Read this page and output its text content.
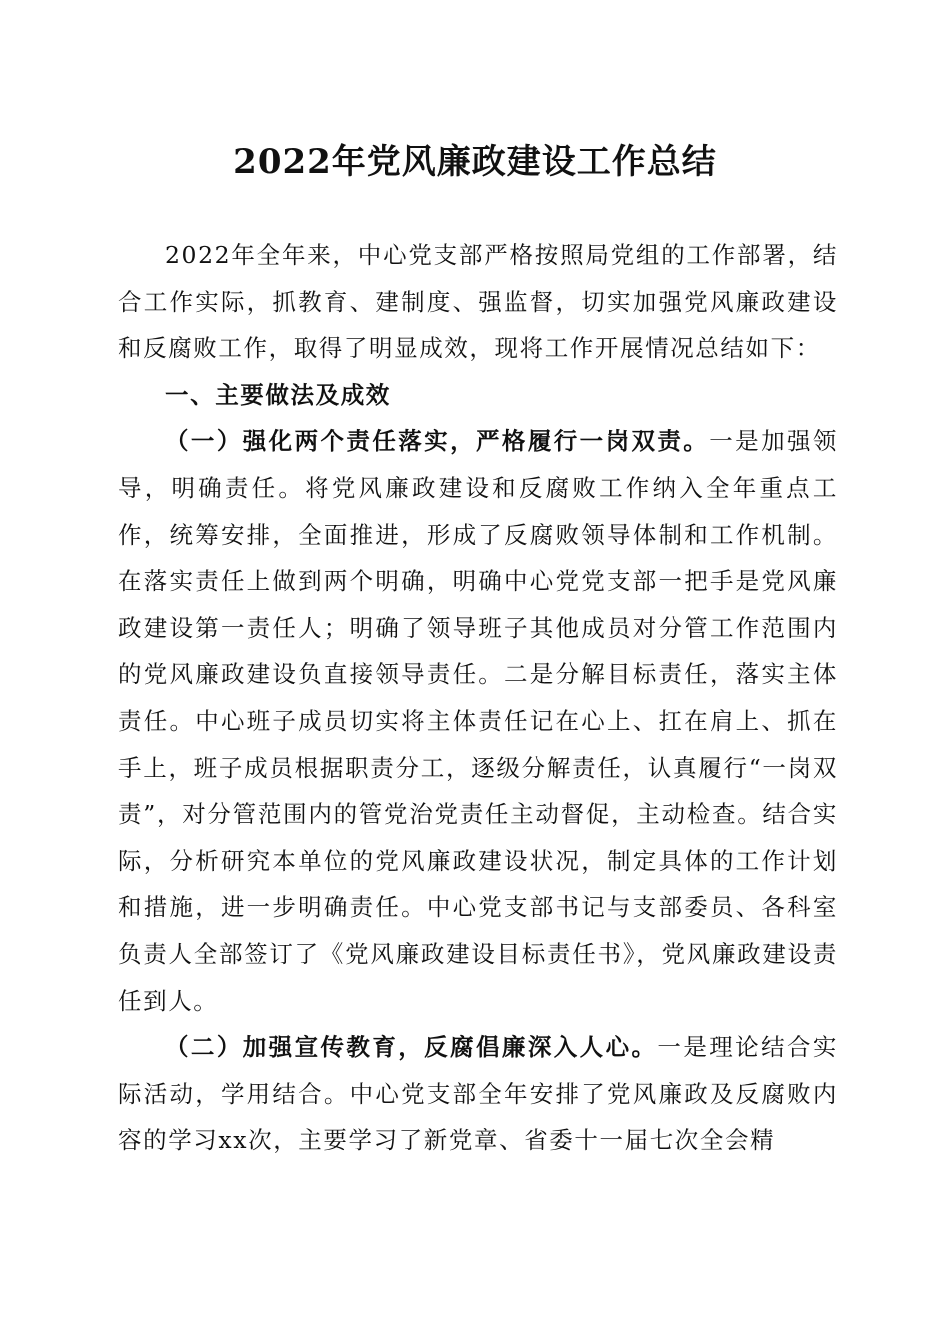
2022年党风廉政建设工作总结

2022年全年来，中心党支部严格按照局党组的工作部署，结合工作实际，抓教育、建制度、强监督，切实加强党风廉政建设和反腐败工作，取得了明显成效，现将工作开展情况总结如下：

一、主要做法及成效

（一）强化两个责任落实，严格履行一岗双责。一是加强领导，明确责任。将党风廉政建设和反腐败工作纳入全年重点工作，统筹安排，全面推进，形成了反腐败领导体制和工作机制。在落实责任上做到两个明确，明确中心党党支部一把手是党风廉政建设第一责任人；明确了领导班子其他成员对分管工作范围内的党风廉政建设负直接领导责任。二是分解目标责任，落实主体责任。中心班子成员切实将主体责任记在心上、扛在肩上、抓在手上，班子成员根据职责分工，逐级分解责任，认真履行“一岗双责”，对分管范围内的管党治党责任主动督促，主动检查。结合实际，分析研究本单位的党风廉政建设状况，制定具体的工作计划和措施，进一步明确责任。中心党支部书记与支部委员、各科室负责人全部签订了《党风廉政建设目标责任书》，党风廉政建设责任到人。

（二）加强宣传教育，反腐倡廉深入人心。一是理论结合实际活动，学用结合。中心党支部全年安排了党风廉政及反腐败内容的学习xx次，主要学习了新党章、省委十一届七次全会精
